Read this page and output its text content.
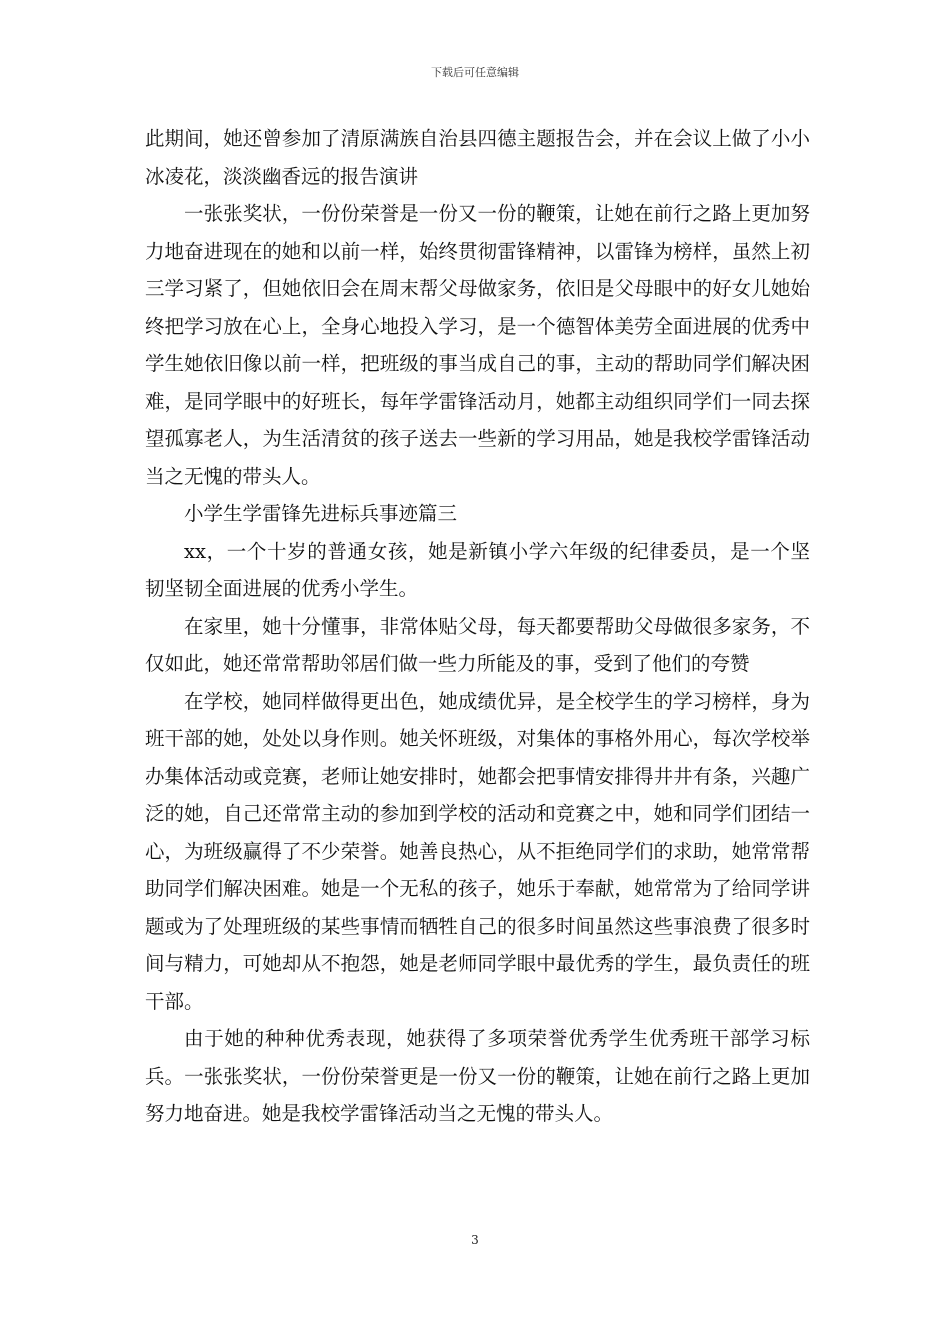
下载后可任意编辑

此期间，她还曾参加了清原满族自治县四德主题报告会，并在会议上做了小小冰凌花，淡淡幽香远的报告演讲

一张张奖状，一份份荣誉是一份又一份的鞭策，让她在前行之路上更加努力地奋进现在的她和以前一样，始终贯彻雷锋精神，以雷锋为榜样，虽然上初三学习紧了，但她依旧会在周末帮父母做家务，依旧是父母眼中的好女儿她始终把学习放在心上，全身心地投入学习，是一个德智体美劳全面进展的优秀中学生她依旧像以前一样，把班级的事当成自己的事，主动的帮助同学们解决困难，是同学眼中的好班长，每年学雷锋活动月，她都主动组织同学们一同去探望孤寡老人，为生活清贫的孩子送去一些新的学习用品，她是我校学雷锋活动当之无愧的带头人。

小学生学雷锋先进标兵事迹篇三

xx，一个十岁的普通女孩，她是新镇小学六年级的纪律委员，是一个坚韧坚韧全面进展的优秀小学生。

在家里，她十分懂事，非常体贴父母，每天都要帮助父母做很多家务，不仅如此，她还常常帮助邻居们做一些力所能及的事，受到了他们的夸赞

在学校，她同样做得更出色，她成绩优异，是全校学生的学习榜样，身为班干部的她，处处以身作则。她关怀班级，对集体的事格外用心，每次学校举办集体活动或竞赛，老师让她安排时，她都会把事情安排得井井有条，兴趣广泛的她，自己还常常主动的参加到学校的活动和竞赛之中，她和同学们团结一心，为班级赢得了不少荣誉。她善良热心，从不拒绝同学们的求助，她常常帮助同学们解决困难。她是一个无私的孩子，她乐于奉献，她常常为了给同学讲题或为了处理班级的某些事情而牺牲自己的很多时间虽然这些事浪费了很多时间与精力，可她却从不抱怨，她是老师同学眼中最优秀的学生，最负责任的班干部。

由于她的种种优秀表现，她获得了多项荣誉优秀学生优秀班干部学习标兵。一张张奖状，一份份荣誉更是一份又一份的鞭策，让她在前行之路上更加努力地奋进。她是我校学雷锋活动当之无愧的带头人。

3
